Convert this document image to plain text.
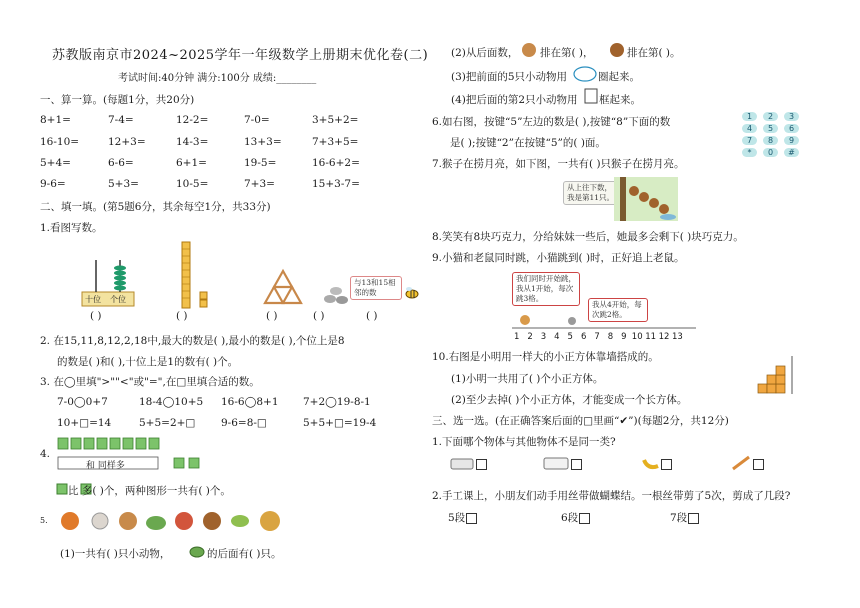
苏教版南京市2024~2025学年一年级数学上册期末优化卷(二)
考试时间:40分钟 满分:100分 成绩:________
一、算一算。(每题1分，共20分)
8+1=	7-4=	12-2=	7-0=	3+5+2=
16-10=	12+3=	14-3=	13+3=	7+3+5=
5+4=	6-6=	6+1=	19-5=	16-6+2=
9-6=	5+3=	10-5=	7+3=	15+3-7=
二、填一填。(第5题6分，其余每空1分，共33分)
1.看图写数。
十位 个位
与13和15相邻的数
( )	( )	( )	( )	( )
2. 在15,11,8,12,2,18中,最大的数是( ),最小的数是( ),个位上是8
的数是( )和( ),十位上是1的数有( )个。
3. 在◯里填">""<"或"=",在□里填合适的数。
7-0◯0+7	18-4◯10+5	16-6◯8+1	7+2◯19-8-1
10+□=14	5+5=2+□	9-6=8-□	5+5+□=19-4
4.
和 同样多
比 多( )个，两种图形一共有( )个。
5.
(1)一共有( )只小动物，	的后面有( )只。
(2)从后面数， 排在第( )，	排在第( )。
(3)把前面的5只小动物用	圈起来。
(4)把后面的第2只小动物用 框起来。
6.如右图，按键“5”左边的数是( ),按键“8”下面的数
是( );按键“2”在按键“5”的( )面。
1	2	3
4	5	6
7	8	9
*	0	#
7.猴子在捞月亮，如下图，一共有( )只猴子在捞月亮。
从上往下数，我是第11只。
8.笑笑有8块巧克力，分给妹妹一些后，她最多会剩下( )块巧克力。
9.小猫和老鼠同时跳，小猫跳到( )时，正好追上老鼠。
我们同时开始跳，我从1开始，每次跳3格。
我从4开始，每次跳2格。
1 2 3 4 5 6 7 8 9 10 11 12 13
10.右图是小明用一样大的小正方体靠墙搭成的。
(1)小明一共用了( )个小正方体。
(2)至少去掉( )个小正方体，才能变成一个长方体。
三、选一选。(在正确答案后面的□里画“✔”)(每题2分，共12分)
1.下面哪个物体与其他物体不是同一类?
2.手工课上，小朋友们动手用丝带做蝴蝶结。一根丝带剪了5次，剪成了几段?
5段	6段	7段
